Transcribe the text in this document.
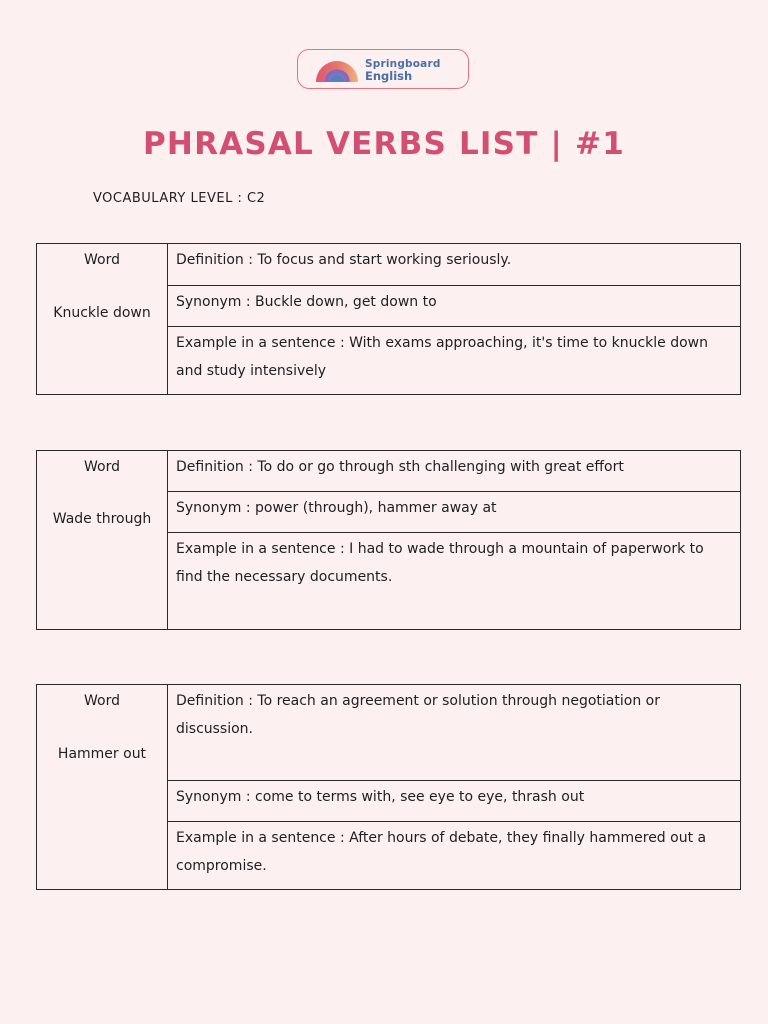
Springboard
English
PHRASAL VERBS LIST | #1
VOCABULARY LEVEL : C2
Word
Knuckle down

Definition : To focus and start working seriously.

Synonym : Buckle down, get down to

Example in a sentence : With exams approaching, it's time to knuckle down and study intensively
Word
Wade through

Definition : To do or go through sth challenging with great effort

Synonym : power (through), hammer away at

Example in a sentence : I had to wade through a mountain of paperwork to find the necessary documents.
Word
Hammer out

Definition : To reach an agreement or solution through negotiation or discussion.

Synonym : come to terms with, see eye to eye, thrash out

Example in a sentence : After hours of debate, they finally hammered out a compromise.
